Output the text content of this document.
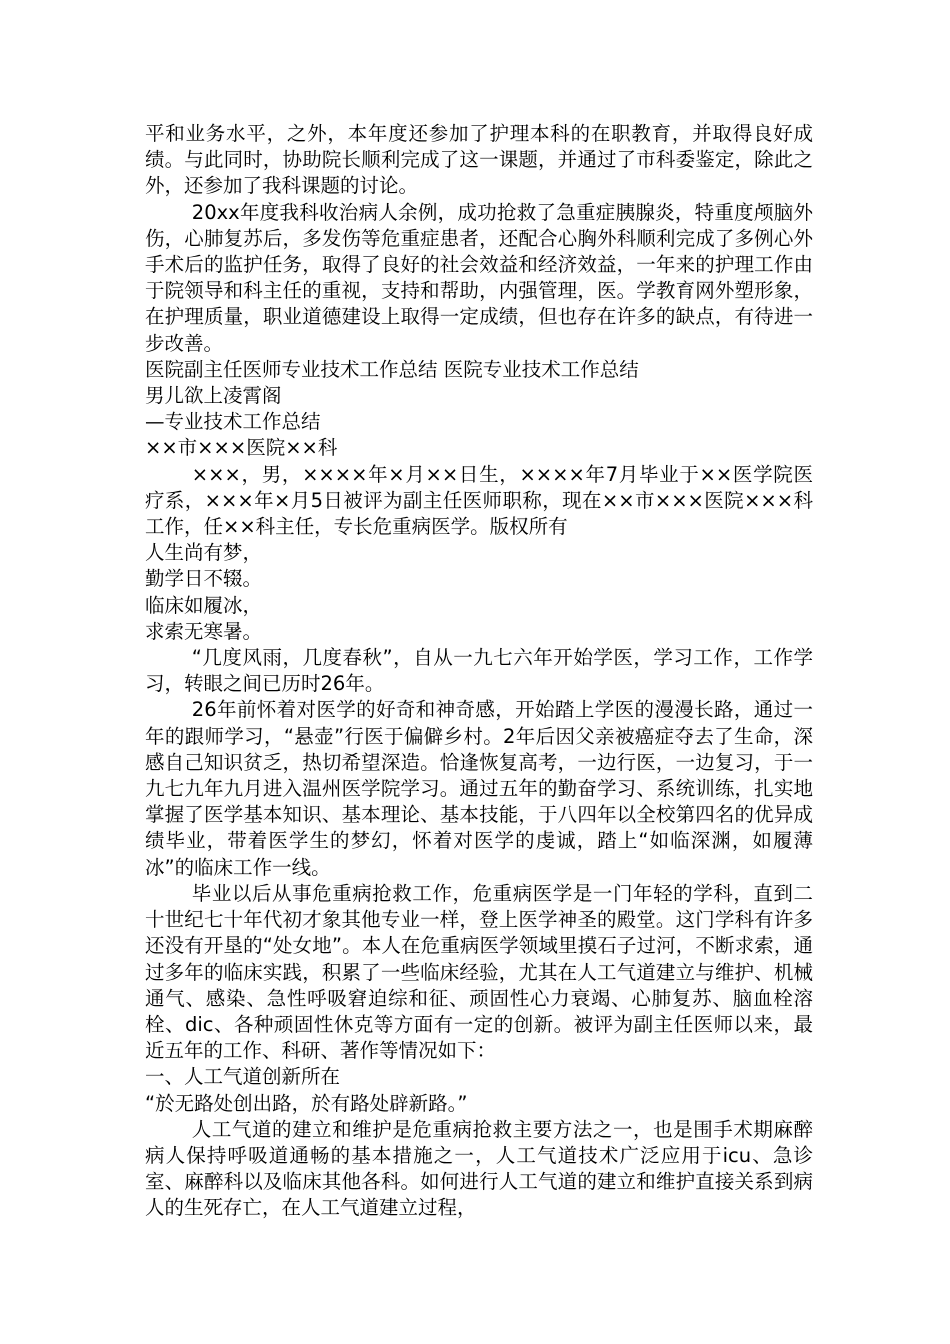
平和业务水平，之外，本年度还参加了护理本科的在职教育，并取得良好成绩。与此同时，协助院长顺利完成了这一课题，并通过了市科委鉴定，除此之外，还参加了我科课题的讨论。

20xx年度我科收治病人余例，成功抢救了急重症胰腺炎，特重度颅脑外伤，心肺复苏后，多发伤等危重症患者，还配合心胸外科顺利完成了多例心外手术后的监护任务，取得了良好的社会效益和经济效益，一年来的护理工作由于院领导和科主任的重视，支持和帮助，内强管理，医。学教育网外塑形象，在护理质量，职业道德建设上取得一定成绩，但也存在许多的缺点，有待进一步改善。

医院副主任医师专业技术工作总结 医院专业技术工作总结

男儿欲上凌霄阁

—专业技术工作总结

××市×××医院××科

×××，男，××××年×月××日生，××××年7月毕业于××医学院医疗系，×××年×月5日被评为副主任医师职称，现在××市×××医院×××科工作，任××科主任，专长危重病医学。版权所有

人生尚有梦，

勤学日不辍。

临床如履冰，

求索无寒暑。

“几度风雨，几度春秋”，自从一九七六年开始学医，学习工作，工作学习，转眼之间已历时26年。

26年前怀着对医学的好奇和神奇感，开始踏上学医的漫漫长路，通过一年的跟师学习，“悬壶”行医于偏僻乡村。2年后因父亲被癌症夺去了生命，深感自己知识贫乏，热切希望深造。恰逢恢复高考，一边行医，一边复习，于一九七九年九月进入温州医学院学习。通过五年的勤奋学习、系统训练，扎实地掌握了医学基本知识、基本理论、基本技能，于八四年以全校第四名的优异成绩毕业，带着医学生的梦幻，怀着对医学的虔诚，踏上“如临深渊，如履薄冰”的临床工作一线。

毕业以后从事危重病抢救工作，危重病医学是一门年轻的学科，直到二十世纪七十年代初才象其他专业一样，登上医学神圣的殿堂。这门学科有许多还没有开垦的“处女地”。本人在危重病医学领域里摸石子过河，不断求索，通过多年的临床实践，积累了一些临床经验，尤其在人工气道建立与维护、机械通气、感染、急性呼吸窘迫综和征、顽固性心力衰竭、心肺复苏、脑血栓溶栓、dic、各种顽固性休克等方面有一定的创新。被评为副主任医师以来，最近五年的工作、科研、著作等情况如下：

一、人工气道创新所在

“於无路处创出路，於有路处辟新路。”

人工气道的建立和维护是危重病抢救主要方法之一，也是围手术期麻醉病人保持呼吸道通畅的基本措施之一，人工气道技术广泛应用于icu、急诊室、麻醉科以及临床其他各科。如何进行人工气道的建立和维护直接关系到病人的生死存亡，在人工气道建立过程，
